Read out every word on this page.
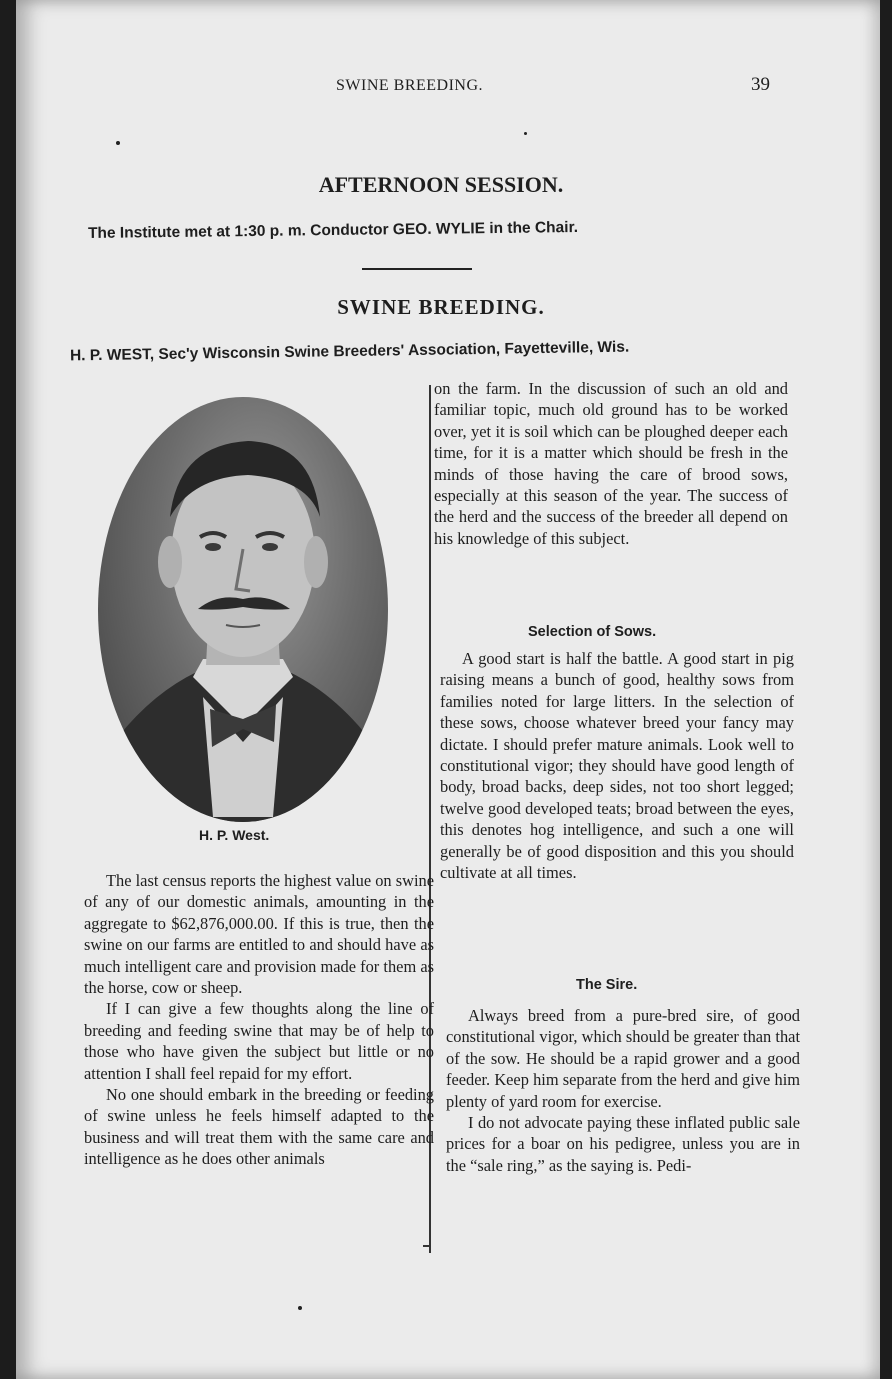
SWINE BREEDING.	39
AFTERNOON SESSION.
The Institute met at 1:30 p. m. Conductor GEO. WYLIE in the Chair.
SWINE BREEDING.
H. P. WEST, Sec'y Wisconsin Swine Breeders' Association, Fayetteville, Wis.
H. P. West.

The last census reports the highest value on swine of any of our domestic animals, amounting in the aggregate to $62,876,000.00. If this is true, then the swine on our farms are entitled to and should have as much intelligent care and provision made for them as the horse, cow or sheep.

If I can give a few thoughts along the line of breeding and feeding swine that may be of help to those who have given the subject but little or no attention I shall feel repaid for my effort.

No one should embark in the breeding or feeding of swine unless he feels himself adapted to the business and will treat them with the same care and intelligence as he does other animals

on the farm. In the discussion of such an old and familiar topic, much old ground has to be worked over, yet it is soil which can be ploughed deeper each time, for it is a matter which should be fresh in the minds of those having the care of brood sows, especially at this season of the year. The success of the herd and the success of the breeder all depend on his knowledge of this subject.

Selection of Sows.

A good start is half the battle. A good start in pig raising means a bunch of good, healthy sows from families noted for large litters. In the selection of these sows, choose whatever breed your fancy may dictate. I should prefer mature animals. Look well to constitutional vigor; they should have good length of body, broad backs, deep sides, not too short legged; twelve good developed teats; broad between the eyes, this denotes hog intelligence, and such a one will generally be of good disposition and this you should cultivate at all times.

The Sire.

Always breed from a pure-bred sire, of good constitutional vigor, which should be greater than that of the sow. He should be a rapid grower and a good feeder. Keep him separate from the herd and give him plenty of yard room for exercise.

I do not advocate paying these inflated public sale prices for a boar on his pedigree, unless you are in the “sale ring,” as the saying is. Pedi-
